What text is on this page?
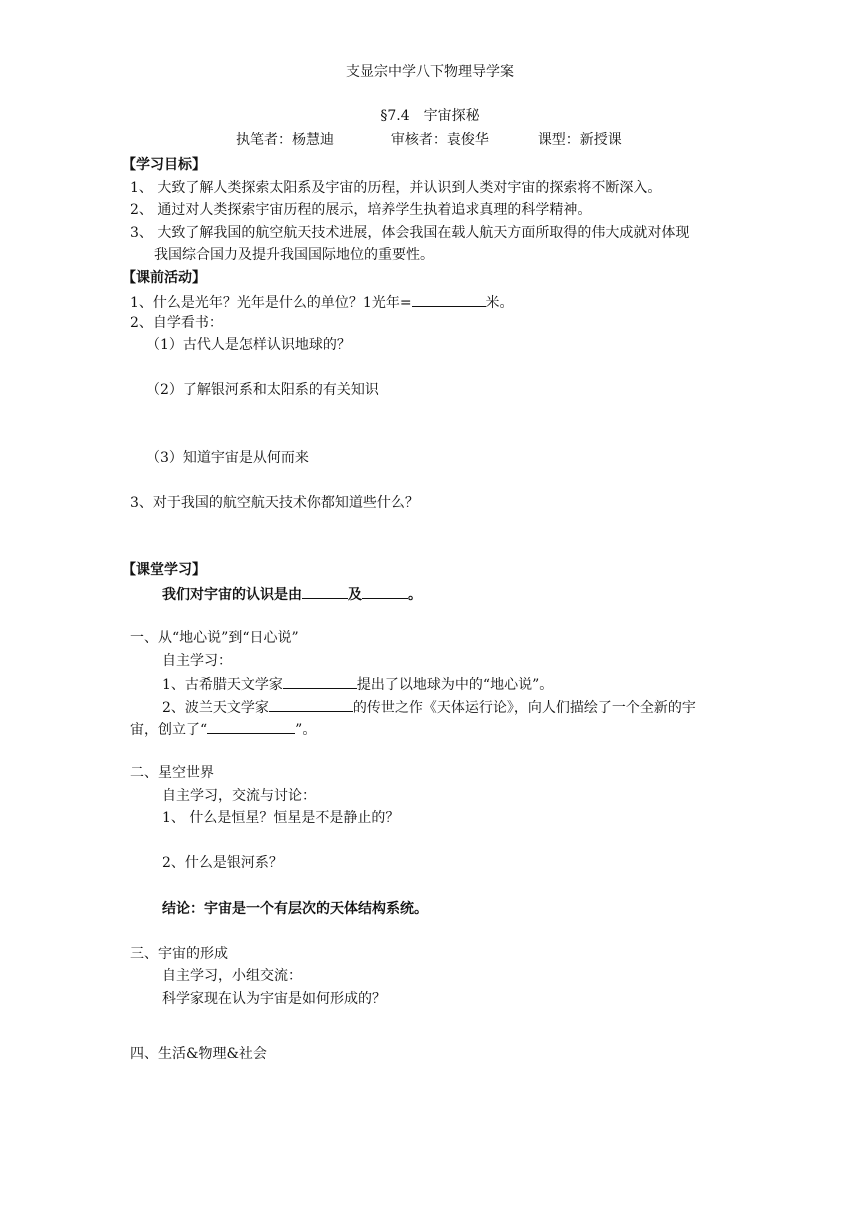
支显宗中学八下物理导学案
§7.4　宇宙探秘
执笔者：杨慧迪	审核者：袁俊华	课型：新授课
【学习目标】
1、 大致了解人类探索太阳系及宇宙的历程，并认识到人类对宇宙的探索将不断深入。
2、 通过对人类探索宇宙历程的展示，培养学生执着追求真理的科学精神。
3、 大致了解我国的航空航天技术进展，体会我国在载人航天方面所取得的伟大成就对体现
我国综合国力及提升我国国际地位的重要性。
【课前活动】
1、什么是光年？光年是什么的单位？1光年=	米。
2、自学看书：
（1）古代人是怎样认识地球的？
（2）了解银河系和太阳系的有关知识
（3）知道宇宙是从何而来
3、对于我国的航空航天技术你都知道些什么？
【课堂学习】
我们对宇宙的认识是由	及	。
一、从“地心说”到“日心说”
自主学习：
1、古希腊天文学家	提出了以地球为中的“地心说”。
2、波兰天文学家	的传世之作《天体运行论》，向人们描绘了一个全新的宇
宙，创立了“	”。
二、星空世界
自主学习，交流与讨论：
1、 什么是恒星？恒星是不是静止的？
2、什么是银河系？
结论：宇宙是一个有层次的天体结构系统。
三、宇宙的形成
自主学习，小组交流：
科学家现在认为宇宙是如何形成的？
四、生活&物理&社会
